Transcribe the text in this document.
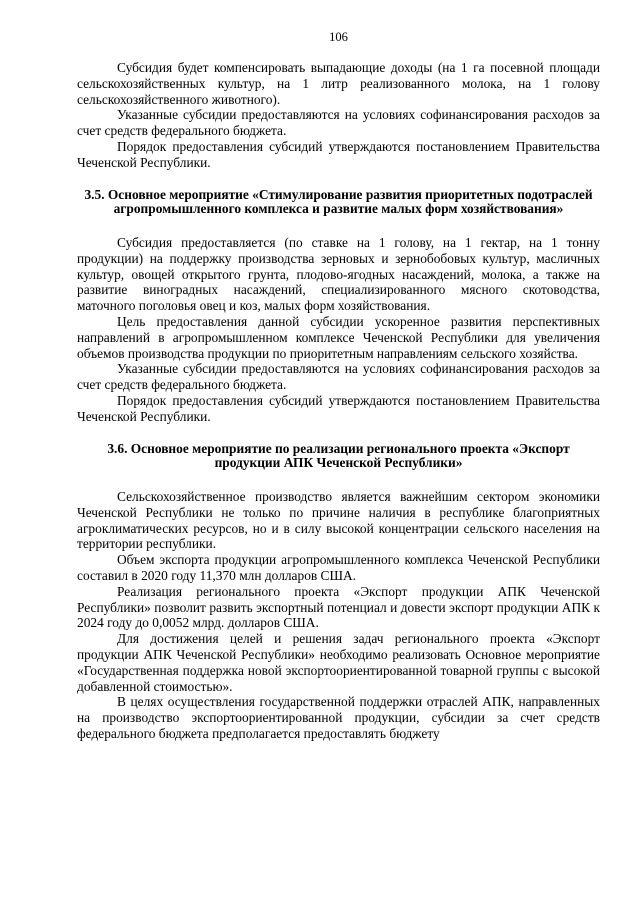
106

Субсидия будет компенсировать выпадающие доходы (на 1 га посевной площади сельскохозяйственных культур, на 1 литр реализованного молока, на 1 голову сельскохозяйственного животного).

Указанные субсидии предоставляются на условиях софинансирования расходов за счет средств федерального бюджета.

Порядок предоставления субсидий утверждаются постановлением Правительства Чеченской Республики.

3.5. Основное мероприятие «Стимулирование развития приоритетных подотраслей агропромышленного комплекса и развитие малых форм хозяйствования»

Субсидия предоставляется (по ставке на 1 голову, на 1 гектар, на 1 тонну продукции) на поддержку производства зерновых и зернобобовых культур, масличных культур, овощей открытого грунта, плодово-ягодных насаждений, молока, а также на развитие виноградных насаждений, специализированного мясного скотоводства, маточного поголовья овец и коз, малых форм хозяйствования.

Цель предоставления данной субсидии ускоренное развития перспективных направлений в агропромышленном комплексе Чеченской Республики для увеличения объемов производства продукции по приоритетным направлениям сельского хозяйства.

Указанные субсидии предоставляются на условиях софинансирования расходов за счет средств федерального бюджета.

Порядок предоставления субсидий утверждаются постановлением Правительства Чеченской Республики.

3.6. Основное мероприятие по реализации регионального проекта «Экспорт продукции АПК Чеченской Республики»

Сельскохозяйственное производство является важнейшим сектором экономики Чеченской Республики не только по причине наличия в республике благоприятных агроклиматических ресурсов, но и в силу высокой концентрации сельского населения на территории республики.

Объем экспорта продукции агропромышленного комплекса Чеченской Республики составил в 2020 году 11,370 млн долларов США.

Реализация регионального проекта «Экспорт продукции АПК Чеченской Республики» позволит развить экспортный потенциал и довести экспорт продукции АПК к 2024 году до 0,0052 млрд. долларов США.

Для достижения целей и решения задач регионального проекта «Экспорт продукции АПК Чеченской Республики» необходимо реализовать Основное мероприятие «Государственная поддержка новой экспортоориентированной товарной группы с высокой добавленной стоимостью».

В целях осуществления государственной поддержки отраслей АПК, направленных на производство экспортоориентированной продукции, субсидии за счет средств федерального бюджета предполагается предоставлять бюджету
